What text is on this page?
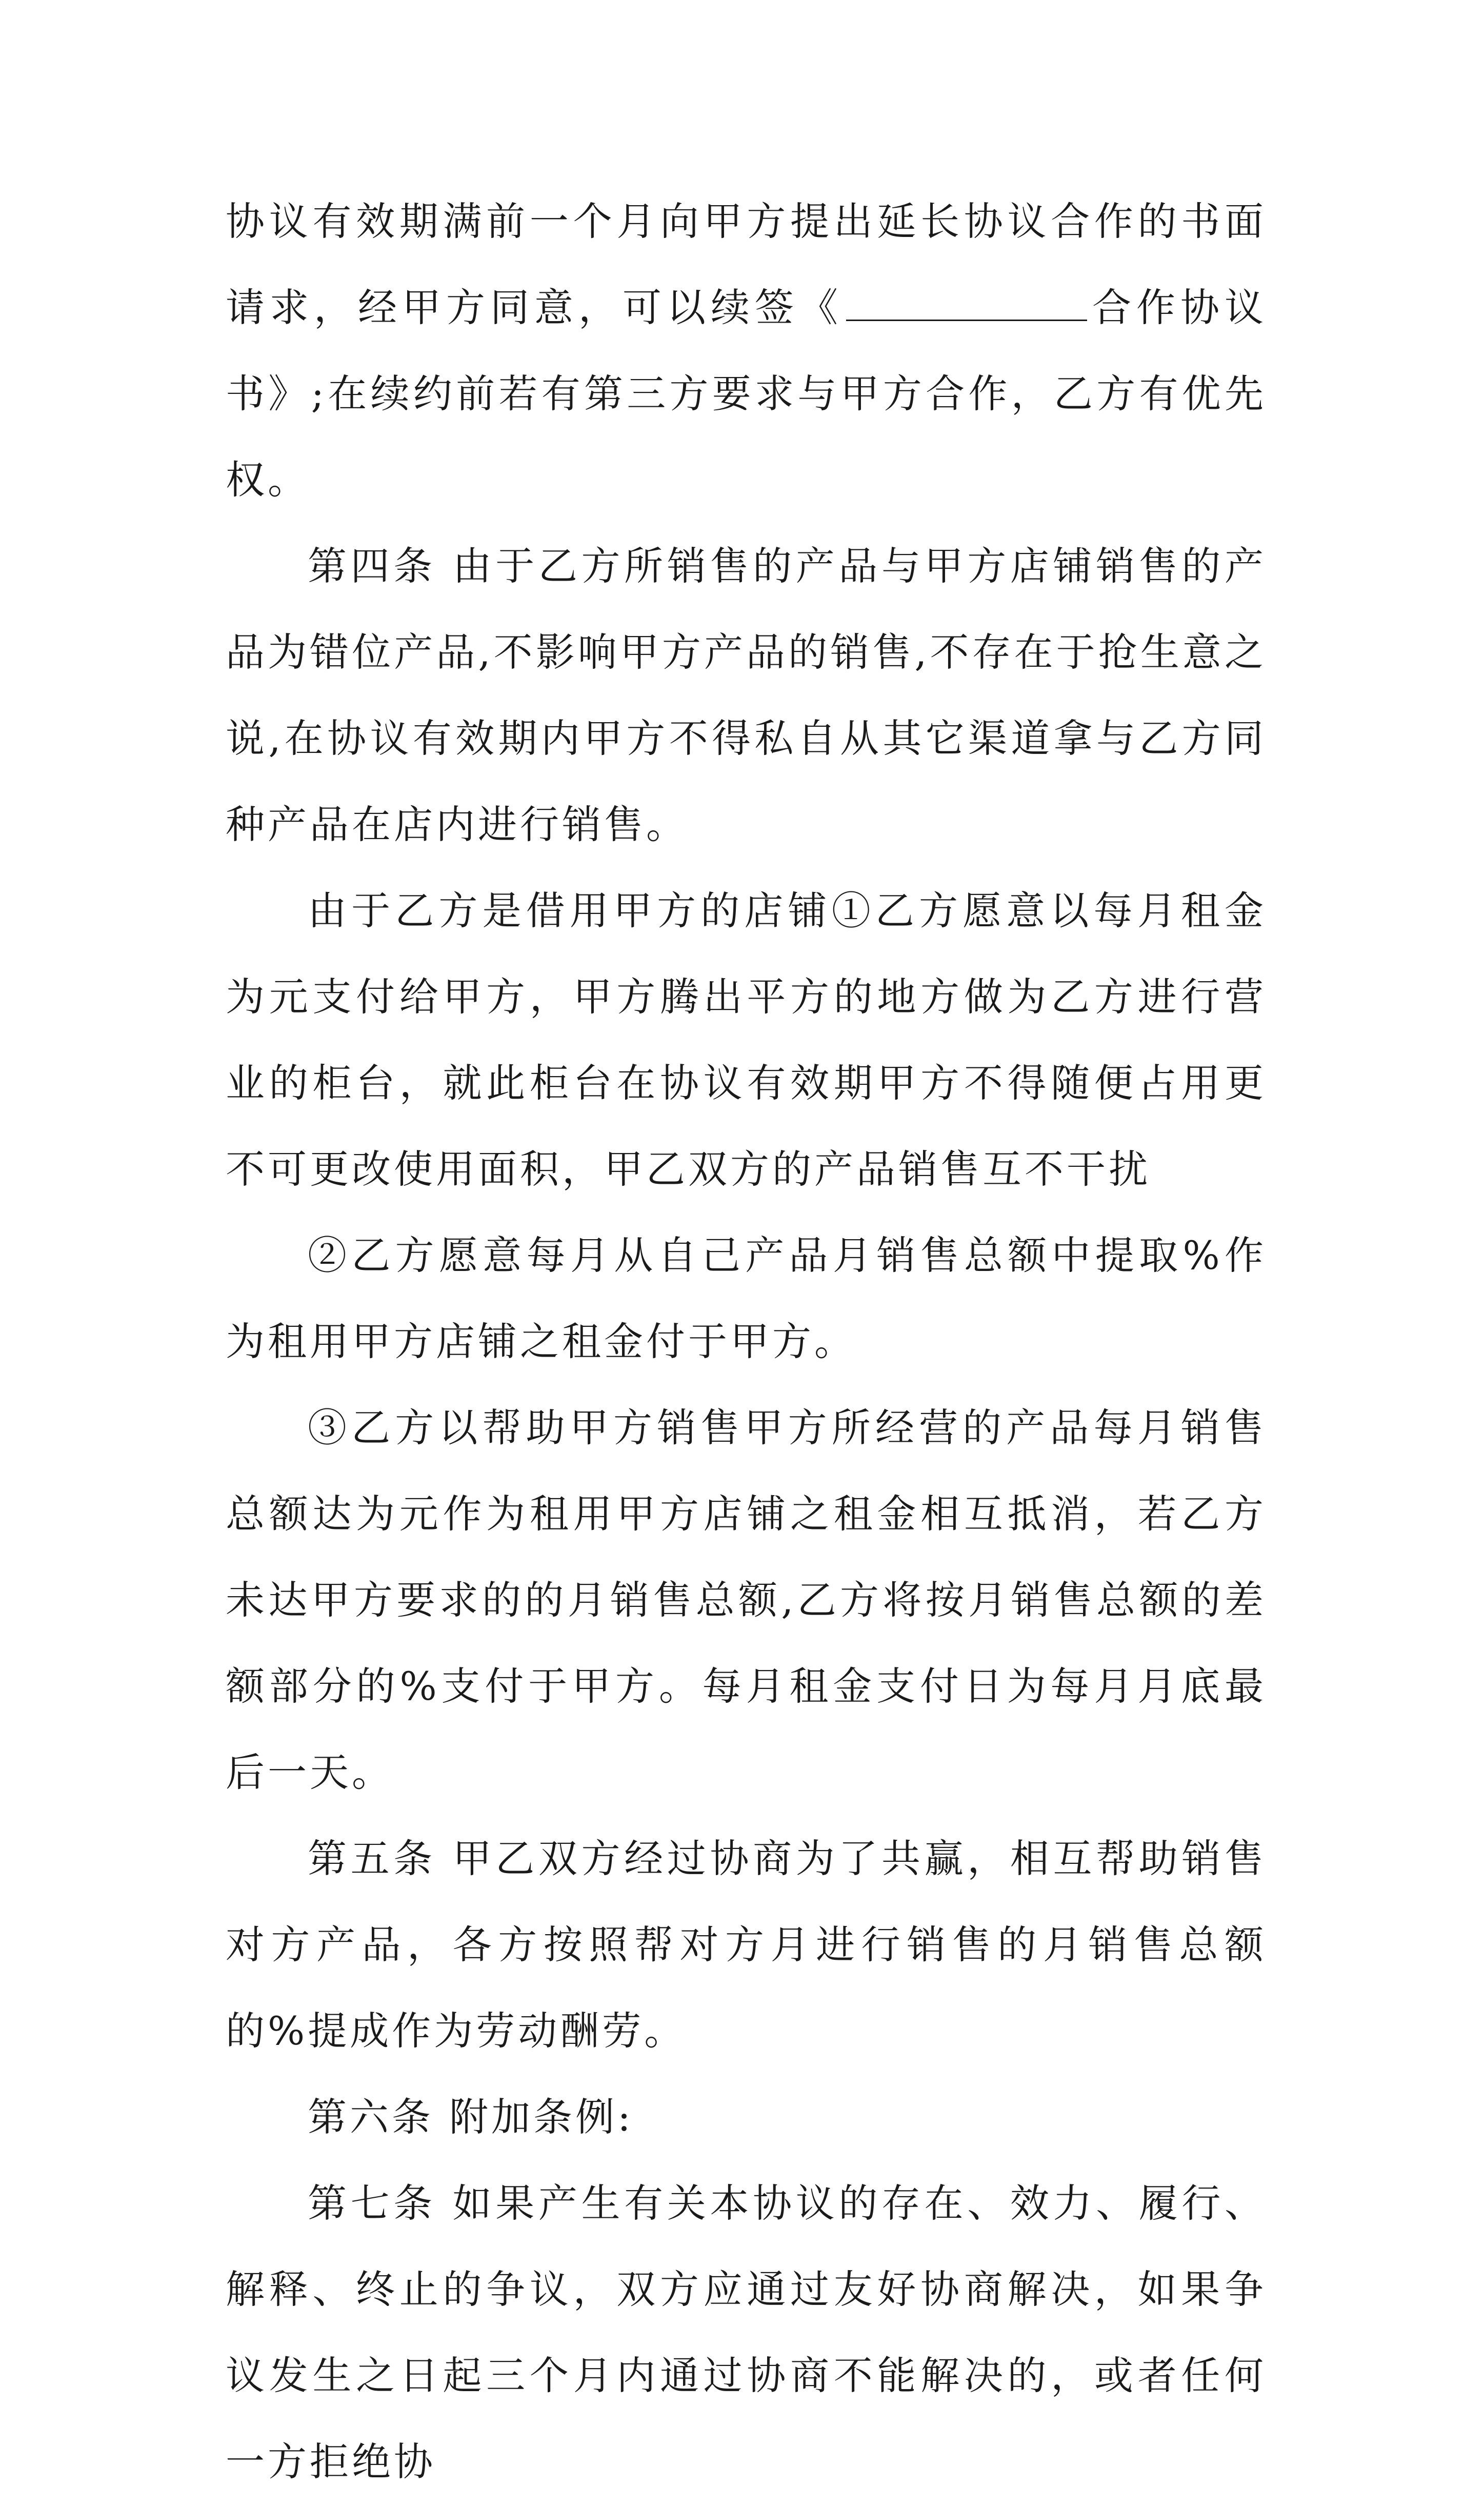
协议有效期满前一个月向甲方提出延长协议合作的书面请求，经甲方同意，可以续签《	合作协议书》;在续约前若有第三方要求与甲方合作，乙方有优先权。

第四条 由于乙方所销售的产品与甲方店铺销售的产品为错位产品,不影响甲方产品的销售,不存在于抢生意之说,在协议有效期内甲方不得私自从其它渠道拿与乙方同种产品在店内进行销售。

由于乙方是借用甲方的店铺①乙方愿意以每月租金为元支付给甲方，甲方腾出平方的地方做为乙方进行营业的柜台，就此柜台在协议有效期甲方不得随便占用更不可更改使用面积，甲乙双方的产品销售互不干扰

②乙方愿意每月从自己产品月销售总额中提取%作为租用甲方店铺之租金付于甲方。

③乙方以帮助甲方销售甲方所经营的产品每月销售总额达为元作为租用甲方店铺之租金相互抵消，若乙方未达甲方要求的的月销售总额,乙方将按月销售总额的差额部分的%支付于甲方。每月租金支付日为每月月底最后一天。

第五条 甲乙双方经过协商为了共赢，相互帮助销售对方产品，各方按照帮对方月进行销售的月销售总额的%提成作为劳动酬劳。

第六条 附加条例:

第七条 如果产生有关本协议的存在、效力、履行、解释、终止的争议，双方应通过友好协商解决，如果争议发生之日起三个月内通过协商不能解决的，或者任何一方拒绝协
